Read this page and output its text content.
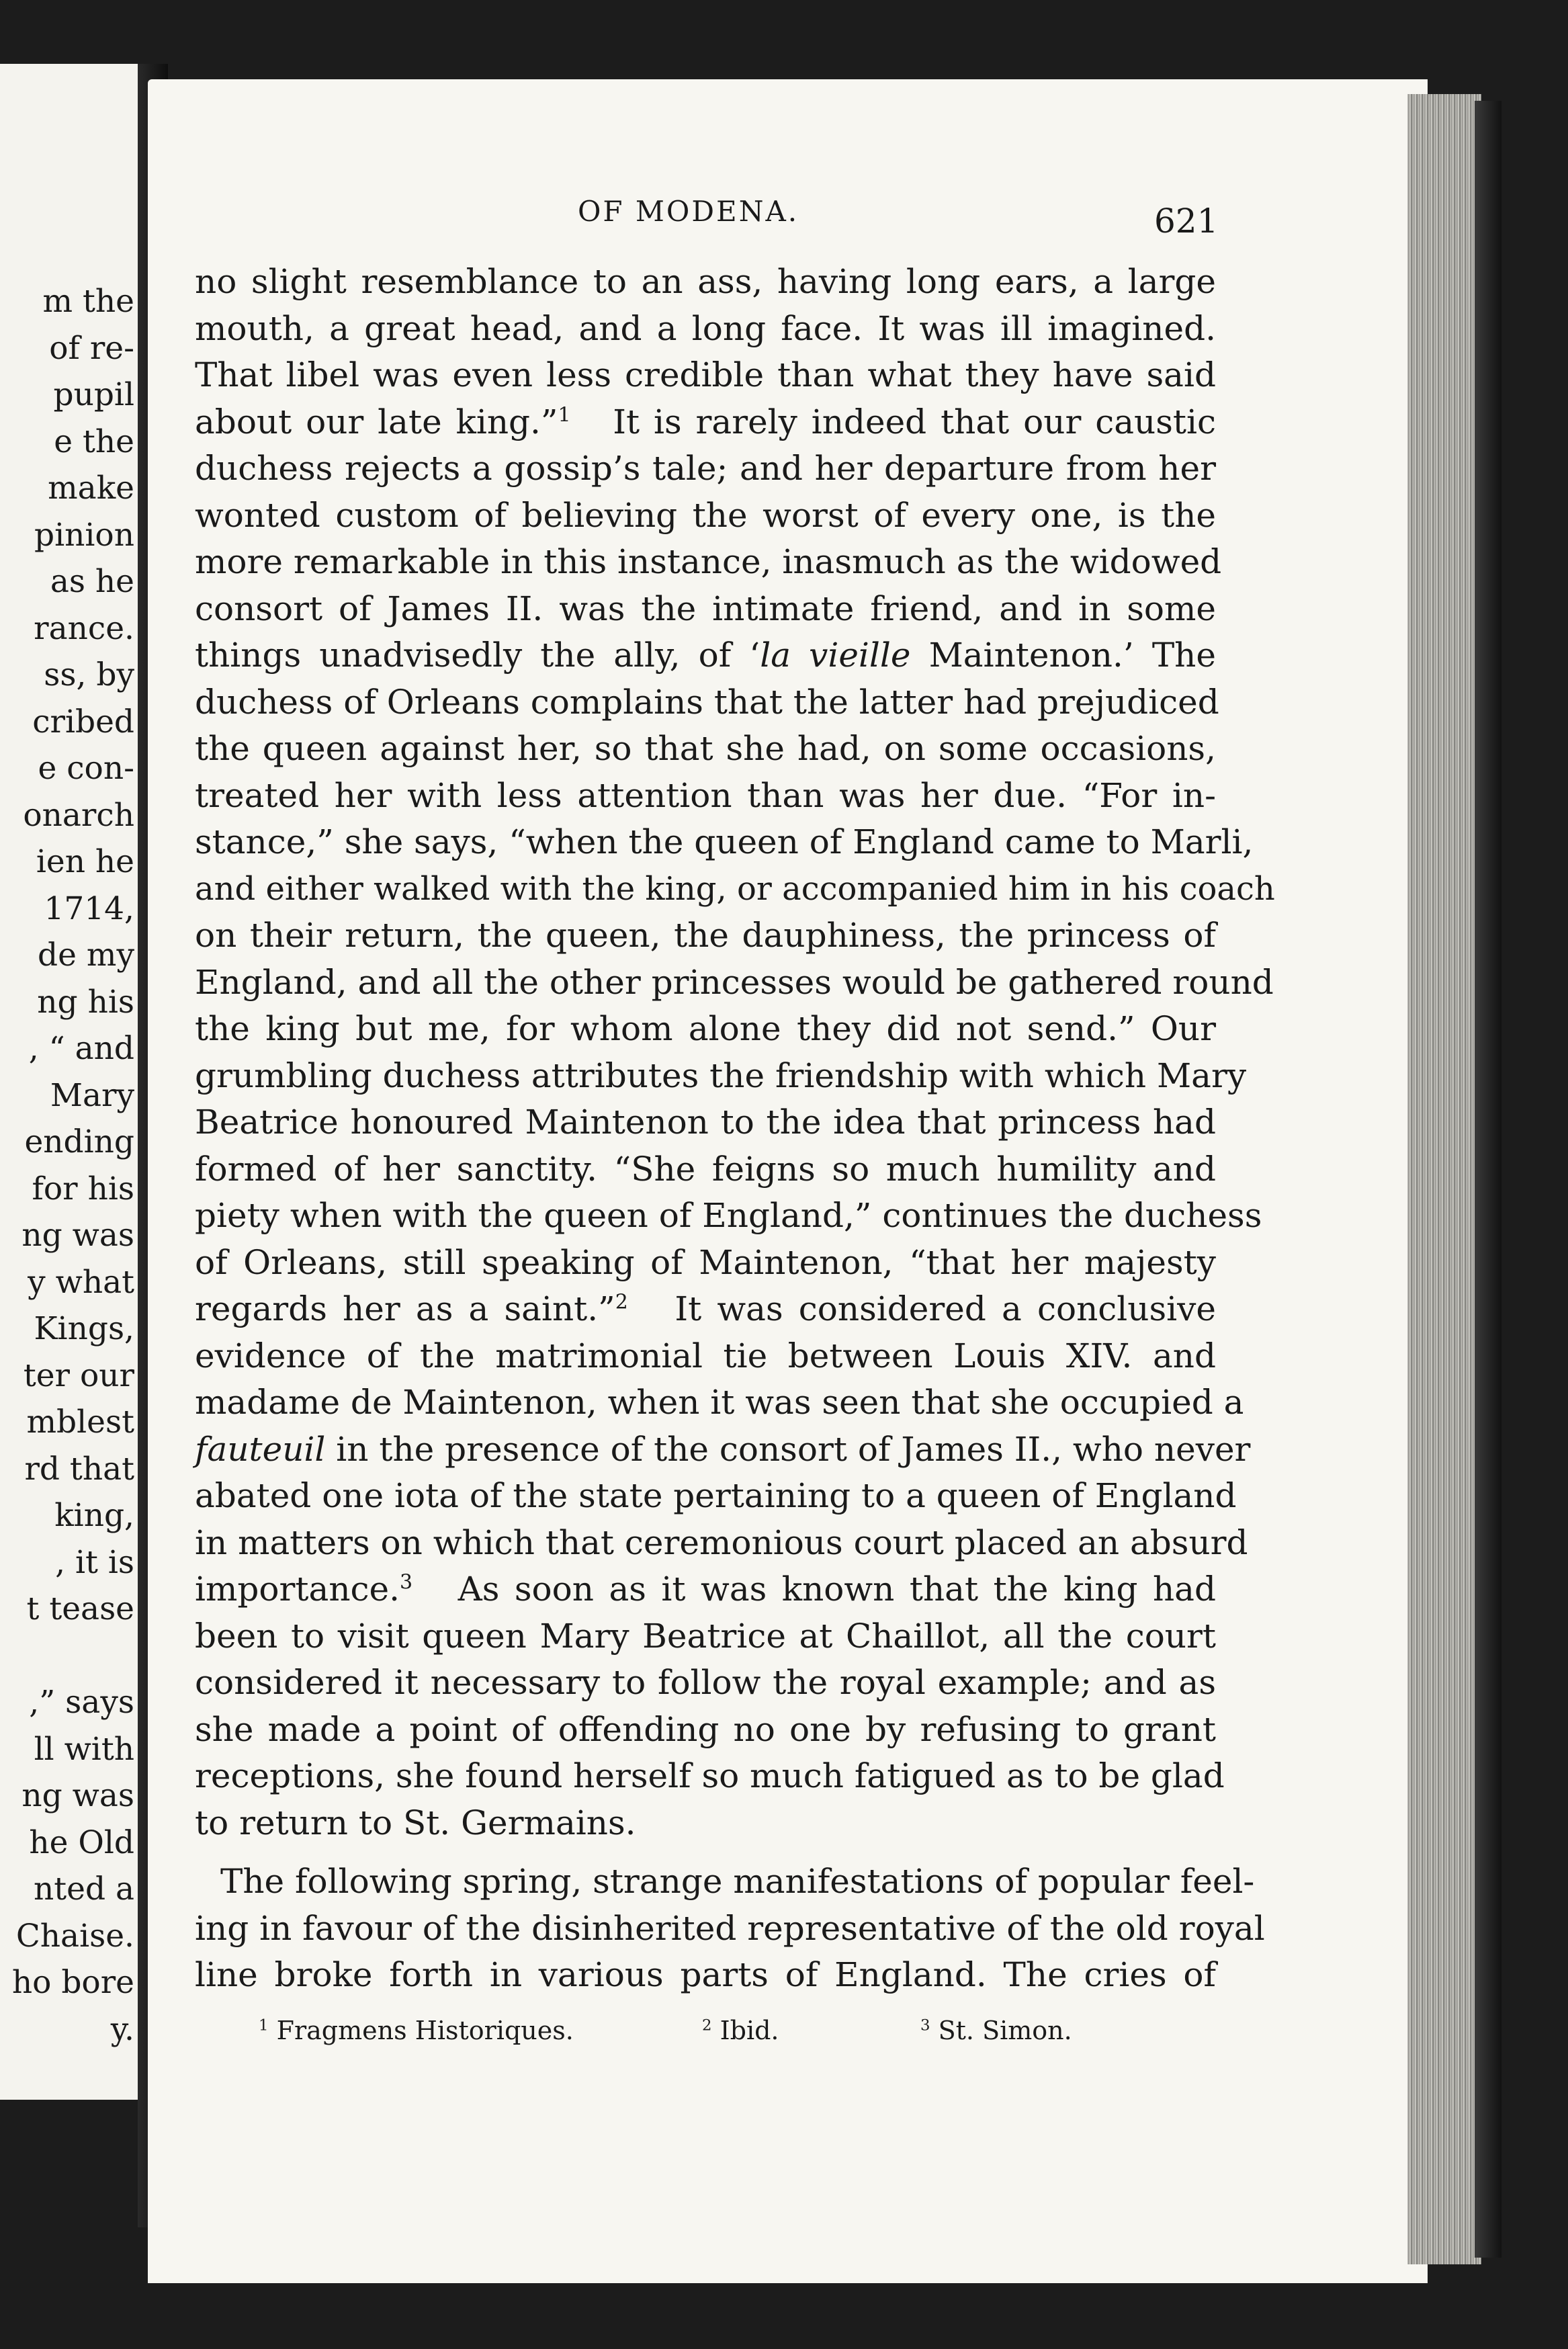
m the
of re-
pupil
e the
make
pinion
as he
rance.
ss, by
cribed
e con-
onarch
ien he
1714,
de my
ng his
, “ and
Mary
ending
for his
ng was
y what
Kings,
ter our
mblest
rd that
king,
, it is
t tease
,” says
ll with
ng was
he Old
nted a
Chaise.
ho bore
y.
OF MODENA.	621
no slight resemblance to an ass, having long ears, a large
mouth, a great head, and a long face. It was ill imagined.
That libel was even less credible than what they have said
about our late king.”$^1$ It is rarely indeed that our caustic
duchess rejects a gossip’s tale; and her departure from her
wonted custom of believing the worst of every one, is the
more remarkable in this instance, inasmuch as the widowed
consort of James II. was the intimate friend, and in some
things unadvisedly the ally, of ‘la vieille Maintenon.’ The
duchess of Orleans complains that the latter had prejudiced
the queen against her, so that she had, on some occasions,
treated her with less attention than was her due. “For in-
stance,” she says, “when the queen of England came to Marli,
and either walked with the king, or accompanied him in his coach
on their return, the queen, the dauphiness, the princess of
England, and all the other princesses would be gathered round
the king but me, for whom alone they did not send.” Our
grumbling duchess attributes the friendship with which Mary
Beatrice honoured Maintenon to the idea that princess had
formed of her sanctity. “She feigns so much humility and
piety when with the queen of England,” continues the duchess
of Orleans, still speaking of Maintenon, “that her majesty
regards her as a saint.”$^2$ It was considered a conclusive
evidence of the matrimonial tie between Louis XIV. and
madame de Maintenon, when it was seen that she occupied a
fauteuil in the presence of the consort of James II., who never
abated one iota of the state pertaining to a queen of England
in matters on which that ceremonious court placed an absurd
importance.$^3$ As soon as it was known that the king had
been to visit queen Mary Beatrice at Chaillot, all the court
considered it necessary to follow the royal example; and as
she made a point of offending no one by refusing to grant
receptions, she found herself so much fatigued as to be glad
to return to St. Germains.
The following spring, strange manifestations of popular feel-
ing in favour of the disinherited representative of the old royal
line broke forth in various parts of England. The cries of
$^1$ Fragmens Historiques.	$^2$ Ibid.	$^3$ St. Simon.
